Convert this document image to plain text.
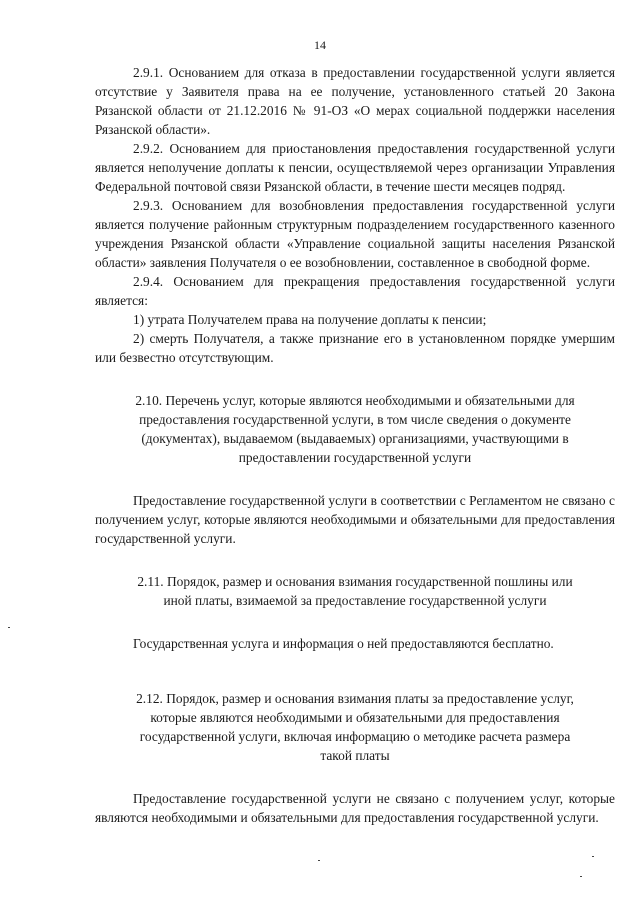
14

2.9.1. Основанием для отказа в предоставлении государственной услуги является отсутствие у Заявителя права на ее получение, установленного статьей 20 Закона Рязанской области от 21.12.2016 № 91-ОЗ «О мерах социальной поддержки населения Рязанской области».

2.9.2. Основанием для приостановления предоставления государственной услуги является неполучение доплаты к пенсии, осуществляемой через организации Управления Федеральной почтовой связи Рязанской области, в течение шести месяцев подряд.

2.9.3. Основанием для возобновления предоставления государственной услуги является получение районным структурным подразделением государственного казенного учреждения Рязанской области «Управление социальной защиты населения Рязанской области» заявления Получателя о ее возобновлении, составленное в свободной форме.

2.9.4. Основанием для прекращения предоставления государственной услуги является:

1) утрата Получателем права на получение доплаты к пенсии;

2) смерть Получателя, а также признание его в установленном порядке умершим или безвестно отсутствующим.

2.10. Перечень услуг, которые являются необходимыми и обязательными для предоставления государственной услуги, в том числе сведения о документе (документах), выдаваемом (выдаваемых) организациями, участвующими в предоставлении государственной услуги

Предоставление государственной услуги в соответствии с Регламентом не связано с получением услуг, которые являются необходимыми и обязательными для предоставления государственной услуги.

2.11. Порядок, размер и основания взимания государственной пошлины или иной платы, взимаемой за предоставление государственной услуги

Государственная услуга и информация о ней предоставляются бесплатно.

2.12. Порядок, размер и основания взимания платы за предоставление услуг, которые являются необходимыми и обязательными для предоставления государственной услуги, включая информацию о методике расчета размера такой платы

Предоставление государственной услуги не связано с получением услуг, которые являются необходимыми и обязательными для предоставления государственной услуги.
